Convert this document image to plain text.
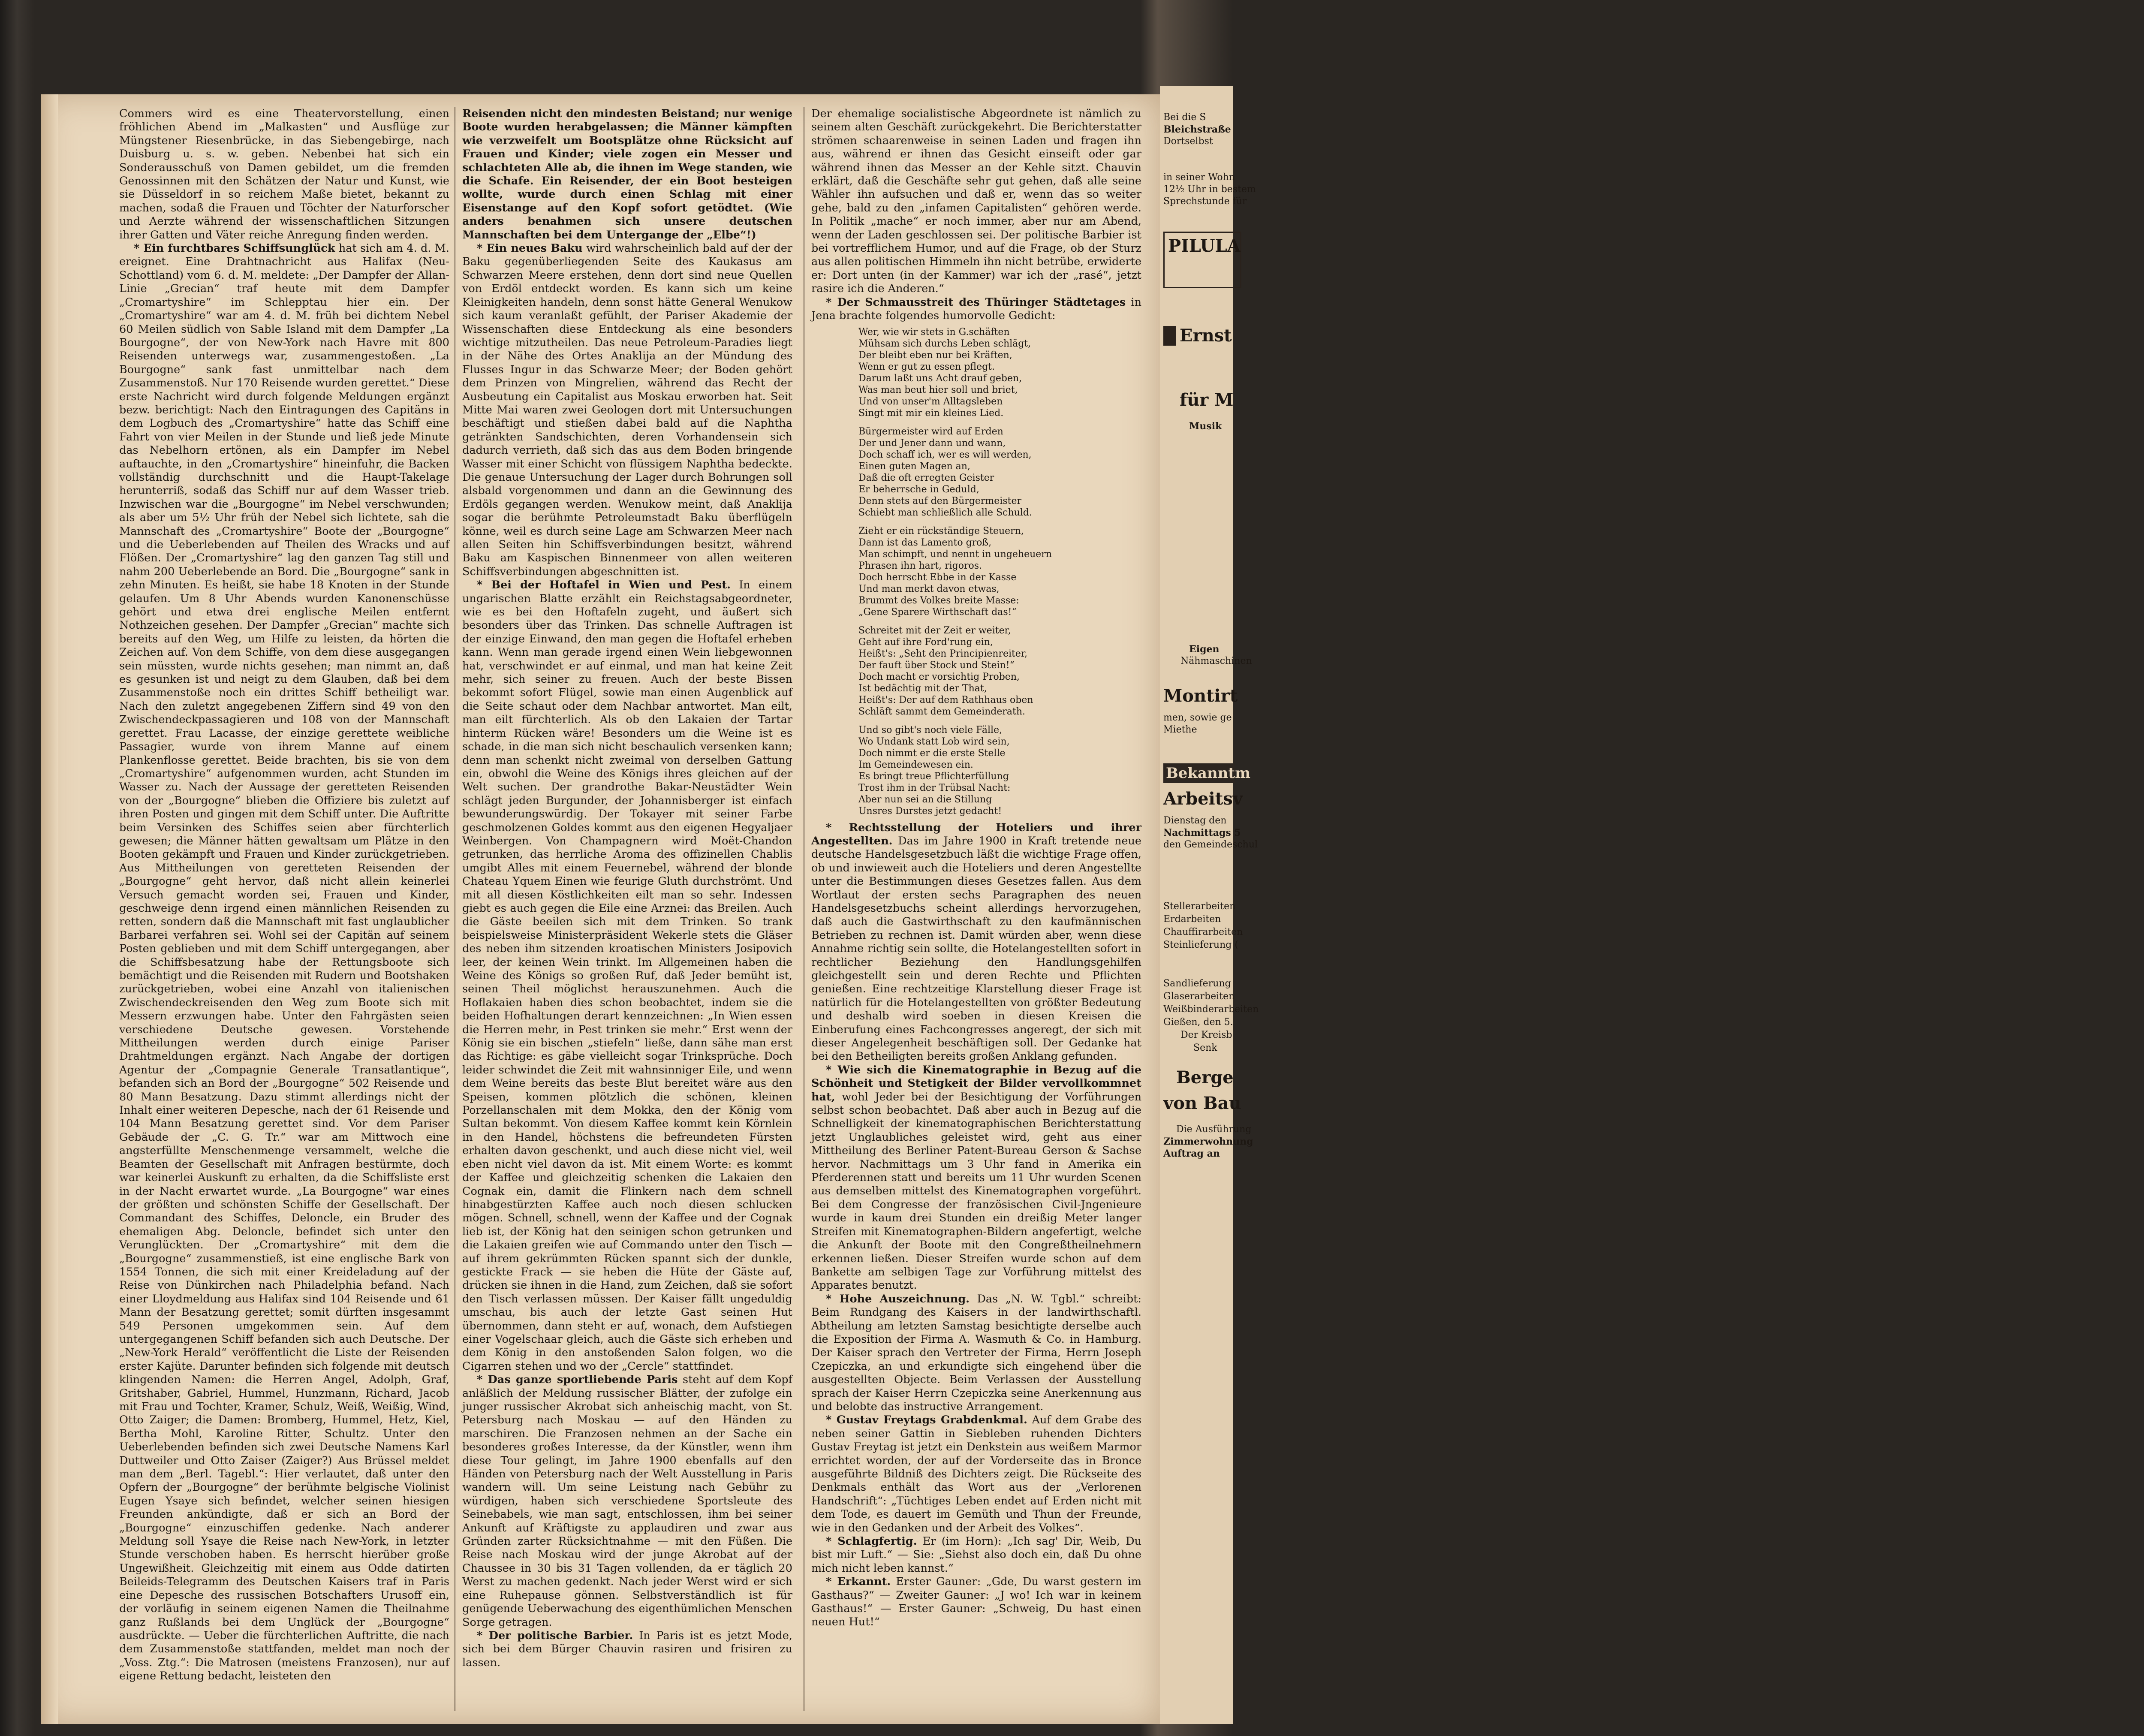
Commers wird es eine Theatervorstellung, einen fröhlichen Abend im „Malkasten“ und Ausflüge zur Müngstener Riesenbrücke, in das Siebengebirge, nach Duisburg u. s. w. geben. Nebenbei hat sich ein Sonderausschuß von Damen gebildet, um die fremden Genossinnen mit den Schätzen der Natur und Kunst, wie sie Düsseldorf in so reichem Maße bietet, bekannt zu machen, sodaß die Frauen und Töchter der Naturforscher und Aerzte während der wissenschaftlichen Sitzungen ihrer Gatten und Väter reiche Anregung finden werden.

* Ein furchtbares Schiffsunglück hat sich am 4. d. M. ereignet. Eine Drahtnachricht aus Halifax (Neu-Schottland) vom 6. d. M. meldete: „Der Dampfer der Allan-Linie „Grecian“ traf heute mit dem Dampfer „Cromartyshire“ im Schlepptau hier ein. Der „Cromartyshire“ war am 4. d. M. früh bei dichtem Nebel 60 Meilen südlich von Sable Island mit dem Dampfer „La Bourgogne“, der von New-York nach Havre mit 800 Reisenden unterwegs war, zusammengestoßen. „La Bourgogne“ sank fast unmittelbar nach dem Zusammenstoß. Nur 170 Reisende wurden gerettet.“ Diese erste Nachricht wird durch folgende Meldungen ergänzt bezw. berichtigt: Nach den Eintragungen des Capitäns in dem Logbuch des „Cromartyshire“ hatte das Schiff eine Fahrt von vier Meilen in der Stunde und ließ jede Minute das Nebelhorn ertönen, als ein Dampfer im Nebel auftauchte, in den „Cromartyshire“ hineinfuhr, die Backen vollständig durchschnitt und die Haupt-Takelage herunterriß, sodaß das Schiff nur auf dem Wasser trieb. Inzwischen war die „Bourgogne“ im Nebel verschwunden; als aber um 5½ Uhr früh der Nebel sich lichtete, sah die Mannschaft des „Cromartyshire“ Boote der „Bourgogne“ und die Ueberlebenden auf Theilen des Wracks und auf Flößen. Der „Cromartyshire“ lag den ganzen Tag still und nahm 200 Ueberlebende an Bord. Die „Bourgogne“ sank in zehn Minuten. Es heißt, sie habe 18 Knoten in der Stunde gelaufen. Um 8 Uhr Abends wurden Kanonenschüsse gehört und etwa drei englische Meilen entfernt Nothzeichen gesehen. Der Dampfer „Grecian“ machte sich bereits auf den Weg, um Hilfe zu leisten, da hörten die Zeichen auf. Von dem Schiffe, von dem diese ausgegangen sein müssten, wurde nichts gesehen; man nimmt an, daß es gesunken ist und neigt zu dem Glauben, daß bei dem Zusammenstoße noch ein drittes Schiff betheiligt war. Nach den zuletzt angegebenen Ziffern sind 49 von den Zwischendeckpassagieren und 108 von der Mannschaft gerettet. Frau Lacasse, der einzige gerettete weibliche Passagier, wurde von ihrem Manne auf einem Plankenflosse gerettet. Beide brachten, bis sie von dem „Cromartyshire“ aufgenommen wurden, acht Stunden im Wasser zu. Nach der Aussage der geretteten Reisenden von der „Bourgogne“ blieben die Offiziere bis zuletzt auf ihren Posten und gingen mit dem Schiff unter. Die Auftritte beim Versinken des Schiffes seien aber fürchterlich gewesen; die Männer hätten gewaltsam um Plätze in den Booten gekämpft und Frauen und Kinder zurückgetrieben. Aus Mittheilungen von geretteten Reisenden der „Bourgogne“ geht hervor, daß nicht allein keinerlei Versuch gemacht worden sei, Frauen und Kinder, geschweige denn irgend einen männlichen Reisenden zu retten, sondern daß die Mannschaft mit fast unglaublicher Barbarei verfahren sei. Wohl sei der Capitän auf seinem Posten geblieben und mit dem Schiff untergegangen, aber die Schiffsbesatzung habe der Rettungsboote sich bemächtigt und die Reisenden mit Rudern und Bootshaken zurückgetrieben, wobei eine Anzahl von italienischen Zwischendeckreisenden den Weg zum Boote sich mit Messern erzwungen habe. Unter den Fahrgästen seien verschiedene Deutsche gewesen. Vorstehende Mittheilungen werden durch einige Pariser Drahtmeldungen ergänzt. Nach Angabe der dortigen Agentur der „Compagnie Generale Transatlantique“, befanden sich an Bord der „Bourgogne“ 502 Reisende und 80 Mann Besatzung. Dazu stimmt allerdings nicht der Inhalt einer weiteren Depesche, nach der 61 Reisende und 104 Mann Besatzung gerettet sind. Vor dem Pariser Gebäude der „C. G. Tr.“ war am Mittwoch eine angsterfüllte Menschenmenge versammelt, welche die Beamten der Gesellschaft mit Anfragen bestürmte, doch war keinerlei Auskunft zu erhalten, da die Schiffsliste erst in der Nacht erwartet wurde. „La Bourgogne“ war eines der größten und schönsten Schiffe der Gesellschaft. Der Commandant des Schiffes, Deloncle, ein Bruder des ehemaligen Abg. Deloncle, befindet sich unter den Verunglückten. Der „Cromartyshire“ mit dem die „Bourgogne“ zusammenstieß, ist eine englische Bark von 1554 Tonnen, die sich mit einer Kreideladung auf der Reise von Dünkirchen nach Philadelphia befand. Nach einer Lloydmeldung aus Halifax sind 104 Reisende und 61 Mann der Besatzung gerettet; somit dürften insgesammt 549 Personen umgekommen sein. Auf dem untergegangenen Schiff befanden sich auch Deutsche. Der „New-York Herald“ veröffentlicht die Liste der Reisenden erster Kajüte. Darunter befinden sich folgende mit deutsch klingenden Namen: die Herren Angel, Adolph, Graf, Gritshaber, Gabriel, Hummel, Hunzmann, Richard, Jacob mit Frau und Tochter, Kramer, Schulz, Weiß, Weißig, Wind, Otto Zaiger; die Damen: Bromberg, Hummel, Hetz, Kiel, Bertha Mohl, Karoline Ritter, Schultz. Unter den Ueberlebenden befinden sich zwei Deutsche Namens Karl Duttweiler und Otto Zaiser (Zaiger?) Aus Brüssel meldet man dem „Berl. Tagebl.“: Hier verlautet, daß unter den Opfern der „Bourgogne“ der berühmte belgische Violinist Eugen Ysaye sich befindet, welcher seinen hiesigen Freunden ankündigte, daß er sich an Bord der „Bourgogne“ einzuschiffen gedenke. Nach anderer Meldung soll Ysaye die Reise nach New-York, in letzter Stunde verschoben haben. Es herrscht hierüber große Ungewißheit. Gleichzeitig mit einem aus Odde datirten Beileids-Telegramm des Deutschen Kaisers traf in Paris eine Depesche des russischen Botschafters Urusoff ein, der vorläufig in seinem eigenen Namen die Theilnahme ganz Rußlands bei dem Unglück der „Bourgogne“ ausdrückte. — Ueber die fürchterlichen Auftritte, die nach dem Zusammenstoße stattfanden, meldet man noch der „Voss. Ztg.“: Die Matrosen (meistens Franzosen), nur auf eigene Rettung bedacht, leisteten den

Reisenden nicht den mindesten Beistand; nur wenige Boote wurden herabgelassen; die Männer kämpften wie verzweifelt um Bootsplätze ohne Rücksicht auf Frauen und Kinder; viele zogen ein Messer und schlachteten Alle ab, die ihnen im Wege standen, wie die Schafe. Ein Reisender, der ein Boot besteigen wollte, wurde durch einen Schlag mit einer Eisenstange auf den Kopf sofort getödtet. (Wie anders benahmen sich unsere deutschen Mannschaften bei dem Untergange der „Elbe“!)

* Ein neues Baku wird wahrscheinlich bald auf der der Baku gegenüberliegenden Seite des Kaukasus am Schwarzen Meere erstehen, denn dort sind neue Quellen von Erdöl entdeckt worden. Es kann sich um keine Kleinigkeiten handeln, denn sonst hätte General Wenukow sich kaum veranlaßt gefühlt, der Pariser Akademie der Wissenschaften diese Entdeckung als eine besonders wichtige mitzutheilen. Das neue Petroleum-Paradies liegt in der Nähe des Ortes Anaklija an der Mündung des Flusses Ingur in das Schwarze Meer; der Boden gehört dem Prinzen von Mingrelien, während das Recht der Ausbeutung ein Capitalist aus Moskau erworben hat. Seit Mitte Mai waren zwei Geologen dort mit Untersuchungen beschäftigt und stießen dabei bald auf die Naphtha getränkten Sandschichten, deren Vorhandensein sich dadurch verrieth, daß sich das aus dem Boden bringende Wasser mit einer Schicht von flüssigem Naphtha bedeckte. Die genaue Untersuchung der Lager durch Bohrungen soll alsbald vorgenommen und dann an die Gewinnung des Erdöls gegangen werden. Wenukow meint, daß Anaklija sogar die berühmte Petroleumstadt Baku überflügeln könne, weil es durch seine Lage am Schwarzen Meer nach allen Seiten hin Schiffsverbindungen besitzt, während Baku am Kaspischen Binnenmeer von allen weiteren Schiffsverbindungen abgeschnitten ist.

* Bei der Hoftafel in Wien und Pest. In einem ungarischen Blatte erzählt ein Reichstagsabgeordneter, wie es bei den Hoftafeln zugeht, und äußert sich besonders über das Trinken. Das schnelle Auftragen ist der einzige Einwand, den man gegen die Hoftafel erheben kann. Wenn man gerade irgend einen Wein liebgewonnen hat, verschwindet er auf einmal, und man hat keine Zeit mehr, sich seiner zu freuen. Auch der beste Bissen bekommt sofort Flügel, sowie man einen Augenblick auf die Seite schaut oder dem Nachbar antwortet. Man eilt, man eilt fürchterlich. Als ob den Lakaien der Tartar hinterm Rücken wäre! Besonders um die Weine ist es schade, in die man sich nicht beschaulich versenken kann; denn man schenkt nicht zweimal von derselben Gattung ein, obwohl die Weine des Königs ihres gleichen auf der Welt suchen. Der grandrothe Bakar-Neustädter Wein schlägt jeden Burgunder, der Johannisberger ist einfach bewunderungswürdig. Der Tokayer mit seiner Farbe geschmolzenen Goldes kommt aus den eigenen Hegyaljaer Weinbergen. Von Champagnern wird Moët-Chandon getrunken, das herrliche Aroma des offizinellen Chablis umgibt Alles mit einem Feuernebel, während der blonde Chateau Yquem Einen wie feurige Gluth durchströmt. Und mit all diesen Köstlichkeiten eilt man so sehr. Indessen giebt es auch gegen die Eile eine Arznei: das Breilen. Auch die Gäste beeilen sich mit dem Trinken. So trank beispielsweise Ministerpräsident Wekerle stets die Gläser des neben ihm sitzenden kroatischen Ministers Josipovich leer, der keinen Wein trinkt. Im Allgemeinen haben die Weine des Königs so großen Ruf, daß Jeder bemüht ist, seinen Theil möglichst herauszunehmen. Auch die Hoflakaien haben dies schon beobachtet, indem sie die beiden Hofhaltungen derart kennzeichnen: „In Wien essen die Herren mehr, in Pest trinken sie mehr.“ Erst wenn der König sie ein bischen „stiefeln“ ließe, dann sähe man erst das Richtige: es gäbe vielleicht sogar Trinksprüche. Doch leider schwindet die Zeit mit wahnsinniger Eile, und wenn dem Weine bereits das beste Blut bereitet wäre aus den Speisen, kommen plötzlich die schönen, kleinen Porzellanschalen mit dem Mokka, den der König vom Sultan bekommt. Von diesem Kaffee kommt kein Körnlein in den Handel, höchstens die befreundeten Fürsten erhalten davon geschenkt, und auch diese nicht viel, weil eben nicht viel davon da ist. Mit einem Worte: es kommt der Kaffee und gleichzeitig schenken die Lakaien den Cognak ein, damit die Flinkern nach dem schnell hinabgestürzten Kaffee auch noch diesen schlucken mögen. Schnell, schnell, wenn der Kaffee und der Cognak lieb ist, der König hat den seinigen schon getrunken und die Lakaien greifen wie auf Commando unter den Tisch — auf ihrem gekrümmten Rücken spannt sich der dunkle, gestickte Frack — sie heben die Hüte der Gäste auf, drücken sie ihnen in die Hand, zum Zeichen, daß sie sofort den Tisch verlassen müssen. Der Kaiser fällt ungeduldig umschau, bis auch der letzte Gast seinen Hut übernommen, dann steht er auf, wonach, dem Aufstiegen einer Vogelschaar gleich, auch die Gäste sich erheben und dem König in den anstoßenden Salon folgen, wo die Cigarren stehen und wo der „Cercle“ stattfindet.

* Das ganze sportliebende Paris steht auf dem Kopf anläßlich der Meldung russischer Blätter, der zufolge ein junger russischer Akrobat sich anheischig macht, von St. Petersburg nach Moskau — auf den Händen zu marschiren. Die Franzosen nehmen an der Sache ein besonderes großes Interesse, da der Künstler, wenn ihm diese Tour gelingt, im Jahre 1900 ebenfalls auf den Händen von Petersburg nach der Welt Ausstellung in Paris wandern will. Um seine Leistung nach Gebühr zu würdigen, haben sich verschiedene Sportsleute des Seinebabels, wie man sagt, entschlossen, ihm bei seiner Ankunft auf Kräftigste zu applaudiren und zwar aus Gründen zarter Rücksichtnahme — mit den Füßen. Die Reise nach Moskau wird der junge Akrobat auf der Chaussee in 30 bis 31 Tagen vollenden, da er täglich 20 Werst zu machen gedenkt. Nach jeder Werst wird er sich eine Ruhepause gönnen. Selbstverständlich ist für genügende Ueberwachung des eigenthümlichen Menschen Sorge getragen.

* Der politische Barbier. In Paris ist es jetzt Mode, sich bei dem Bürger Chauvin rasiren und frisiren zu lassen.

Der ehemalige socialistische Abgeordnete ist nämlich zu seinem alten Geschäft zurückgekehrt. Die Berichterstatter strömen schaarenweise in seinen Laden und fragen ihn aus, während er ihnen das Gesicht einseift oder gar während ihnen das Messer an der Kehle sitzt. Chauvin erklärt, daß die Geschäfte sehr gut gehen, daß alle seine Wähler ihn aufsuchen und daß er, wenn das so weiter gehe, bald zu den „infamen Capitalisten“ gehören werde. In Politik „mache“ er noch immer, aber nur am Abend, wenn der Laden geschlossen sei. Der politische Barbier ist bei vortrefflichem Humor, und auf die Frage, ob der Sturz aus allen politischen Himmeln ihn nicht betrübe, erwiderte er: Dort unten (in der Kammer) war ich der „rasé“, jetzt rasire ich die Anderen.“

* Der Schmausstreit des Thüringer Städtetages in Jena brachte folgendes humorvolle Gedicht:

Wer, wie wir stets in G.schäften
Mühsam sich durchs Leben schlägt,
Der bleibt eben nur bei Kräften,
Wenn er gut zu essen pflegt.
Darum laßt uns Acht drauf geben,
Was man beut hier soll und briet,
Und von unser'm Alltagsleben
Singt mit mir ein kleines Lied.
Bürgermeister wird auf Erden
Der und Jener dann und wann,
Doch schaff ich, wer es will werden,
Einen guten Magen an,
Daß die oft erregten Geister
Er beherrsche in Geduld,
Denn stets auf den Bürgermeister
Schiebt man schließlich alle Schuld.
Zieht er ein rückständige Steuern,
Dann ist das Lamento groß,
Man schimpft, und nennt in ungeheuern
Phrasen ihn hart, rigoros.
Doch herrscht Ebbe in der Kasse
Und man merkt davon etwas,
Brummt des Volkes breite Masse:
„Gene Sparere Wirthschaft das!“
Schreitet mit der Zeit er weiter,
Geht auf ihre Ford'rung ein,
Heißt's: „Seht den Principienreiter,
Der fauft über Stock und Stein!“
Doch macht er vorsichtig Proben,
Ist bedächtig mit der That,
Heißt's: Der auf dem Rathhaus oben
Schläft sammt dem Gemeinderath.
Und so gibt's noch viele Fälle,
Wo Undank statt Lob wird sein,
Doch nimmt er die erste Stelle
Im Gemeindewesen ein.
Es bringt treue Pflichterfüllung
Trost ihm in der Trübsal Nacht:
Aber nun sei an die Stillung
Unsres Durstes jetzt gedacht!

* Rechtsstellung der Hoteliers und ihrer Angestellten. Das im Jahre 1900 in Kraft tretende neue deutsche Handelsgesetzbuch läßt die wichtige Frage offen, ob und inwieweit auch die Hoteliers und deren Angestellte unter die Bestimmungen dieses Gesetzes fallen. Aus dem Wortlaut der ersten sechs Paragraphen des neuen Handelsgesetzbuchs scheint allerdings hervorzugehen, daß auch die Gastwirthschaft zu den kaufmännischen Betrieben zu rechnen ist. Damit würden aber, wenn diese Annahme richtig sein sollte, die Hotelangestellten sofort in rechtlicher Beziehung den Handlungsgehilfen gleichgestellt sein und deren Rechte und Pflichten genießen. Eine rechtzeitige Klarstellung dieser Frage ist natürlich für die Hotelangestellten von größter Bedeutung und deshalb wird soeben in diesen Kreisen die Einberufung eines Fachcongresses angeregt, der sich mit dieser Angelegenheit beschäftigen soll. Der Gedanke hat bei den Betheiligten bereits großen Anklang gefunden.

* Wie sich die Kinematographie in Bezug auf die Schönheit und Stetigkeit der Bilder vervollkommnet hat, wohl Jeder bei der Besichtigung der Vorführungen selbst schon beobachtet. Daß aber auch in Bezug auf die Schnelligkeit der kinematographischen Berichterstattung jetzt Unglaubliches geleistet wird, geht aus einer Mittheilung des Berliner Patent-Bureau Gerson & Sachse hervor. Nachmittags um 3 Uhr fand in Amerika ein Pferderennen statt und bereits um 11 Uhr wurden Scenen aus demselben mittelst des Kinematographen vorgeführt. Bei dem Congresse der französischen Civil-Jngenieure wurde in kaum drei Stunden ein dreißig Meter langer Streifen mit Kinematographen-Bildern angefertigt, welche die Ankunft der Boote mit den Congreßtheilnehmern erkennen ließen. Dieser Streifen wurde schon auf dem Bankette am selbigen Tage zur Vorführung mittelst des Apparates benutzt.

* Hohe Auszeichnung. Das „N. W. Tgbl.“ schreibt: Beim Rundgang des Kaisers in der landwirthschaftl. Abtheilung am letzten Samstag besichtigte derselbe auch die Exposition der Firma A. Wasmuth & Co. in Hamburg. Der Kaiser sprach den Vertreter der Firma, Herrn Joseph Czepiczka, an und erkundigte sich eingehend über die ausgestellten Objecte. Beim Verlassen der Ausstellung sprach der Kaiser Herrn Czepiczka seine Anerkennung aus und belobte das instructive Arrangement.

* Gustav Freytags Grabdenkmal. Auf dem Grabe des neben seiner Gattin in Siebleben ruhenden Dichters Gustav Freytag ist jetzt ein Denkstein aus weißem Marmor errichtet worden, der auf der Vorderseite das in Bronce ausgeführte Bildniß des Dichters zeigt. Die Rückseite des Denkmals enthält das Wort aus der „Verlorenen Handschrift“: „Tüchtiges Leben endet auf Erden nicht mit dem Tode, es dauert im Gemüth und Thun der Freunde, wie in den Gedanken und der Arbeit des Volkes“.

* Schlagfertig. Er (im Horn): „Ich sag' Dir, Weib, Du bist mir Luft.“ — Sie: „Siehst also doch ein, daß Du ohne mich nicht leben kannst.“

* Erkannt. Erster Gauner: „Gde, Du warst gestern im Gasthaus?“ — Zweiter Gauner: „J wo! Ich war in keinem Gasthaus!“ — Erster Gauner: „Schweig, Du hast einen neuen Hut!“

Bei die S
Bleichstraße
Dortselbst
in seiner Wohn
12½ Uhr in bestem
Sprechstunde für
PILULA
Ernst
für M
Musik
Eigen
Nähmaschinen
Montirt
men, sowie ge
Miethe
Bekanntm
Arbeitsv
Dienstag den
Nachmittags 5
den Gemeindeschul
Stellerarbeiten
Erdarbeiten
Chauffirarbeiten
Steinlieferung (
Sandlieferung
Glaserarbeiten
Weißbinderarbeiten
Gießen, den 5.
Der Kreisb
Senk
Berge
von Bau
Die Ausführung
Zimmerwohnung
Auftrag an
